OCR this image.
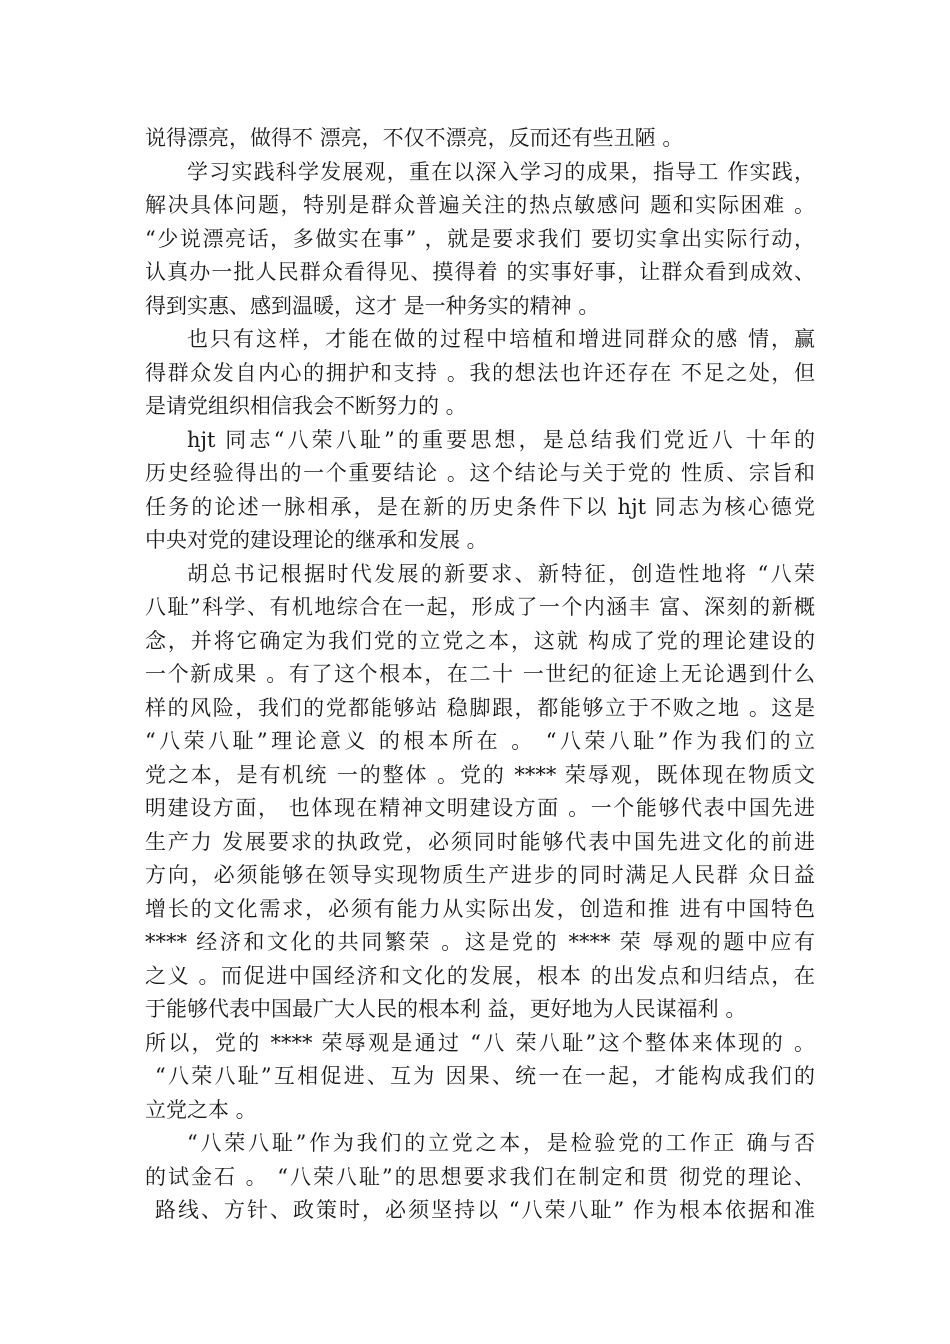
说得漂亮，做得不 漂亮，不仅不漂亮，反而还有些丑陋 。
学习实践科学发展观，重在以深入学习的成果，指导工 作实践，
解决具体问题，特别是群众普遍关注的热点敏感问 题和实际困难 。
“少说漂亮话，多做实在事” ，就是要求我们 要切实拿出实际行动，
认真办一批人民群众看得见、摸得着 的实事好事，让群众看到成效、
得到实惠、感到温暖，这才 是一种务实的精神 。
也只有这样，才能在做的过程中培植和增进同群众的感 情，赢
得群众发自内心的拥护和支持 。我的想法也许还存在 不足之处，但
是请党组织相信我会不断努力的 。
hjt 同志“八荣八耻”的重要思想，是总结我们党近八 十年的
历史经验得出的一个重要结论 。这个结论与关于党的 性质、宗旨和
任务的论述一脉相承，是在新的历史条件下以 hjt 同志为核心德党
中央对党的建设理论的继承和发展 。
胡总书记根据时代发展的新要求、新特征，创造性地将 “八荣
八耻”科学、有机地综合在一起，形成了一个内涵丰 富、深刻的新概
念，并将它确定为我们党的立党之本，这就 构成了党的理论建设的
一个新成果 。有了这个根本，在二十 一世纪的征途上无论遇到什么
样的风险，我们的党都能够站 稳脚跟，都能够立于不败之地 。这是
“八荣八耻”理论意义 的根本所在 。 “八荣八耻”作为我们的立
党之本，是有机统 一的整体 。党的 **** 荣辱观，既体现在物质文
明建设方面， 也体现在精神文明建设方面 。一个能够代表中国先进
生产力 发展要求的执政党，必须同时能够代表中国先进文化的前进
方向，必须能够在领导实现物质生产进步的同时满足人民群 众日益
增长的文化需求，必须有能力从实际出发，创造和推 进有中国特色
**** 经济和文化的共同繁荣 。这是党的 **** 荣 辱观的题中应有
之义 。而促进中国经济和文化的发展，根本 的出发点和归结点，在
于能够代表中国最广大人民的根本利 益，更好地为人民谋福利 。
所以，党的 **** 荣辱观是通过 “八 荣八耻”这个整体来体现的 。
“八荣八耻”互相促进、互为 因果、统一在一起，才能构成我们的
立党之本 。
“八荣八耻”作为我们的立党之本，是检验党的工作正 确与否
的试金石 。 “八荣八耻”的思想要求我们在制定和贯 彻党的理论、
路线、方针、政策时，必须坚持以 “八荣八耻” 作为根本依据和准
